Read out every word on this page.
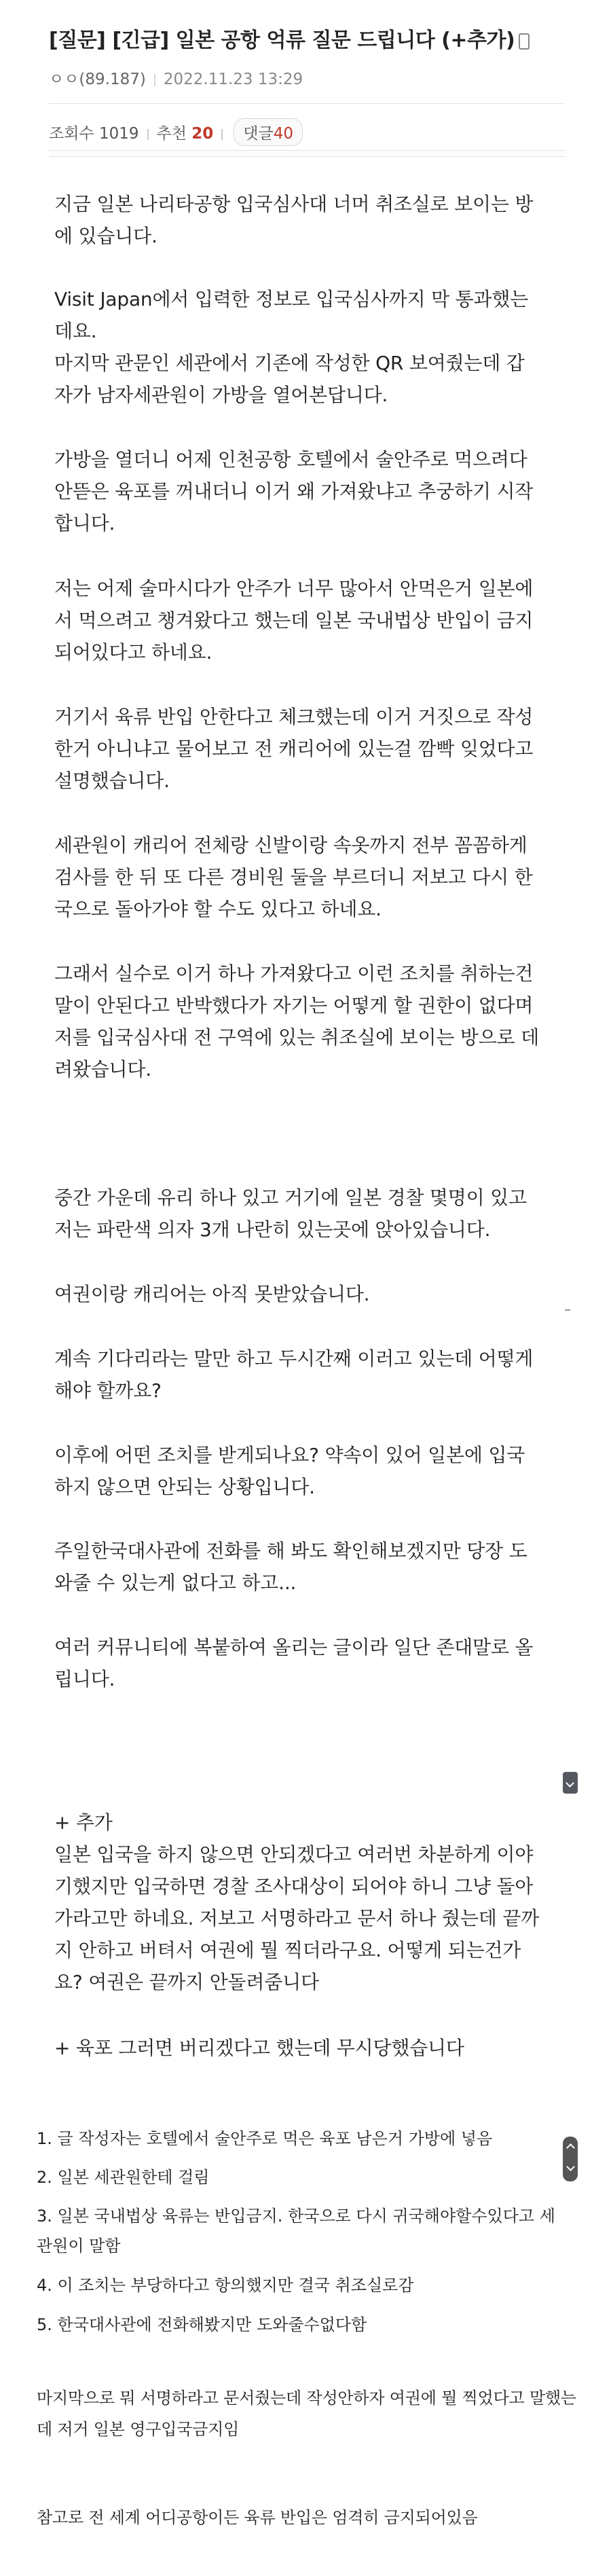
[질문] [긴급] 일본 공항 억류 질문 드립니다 (+추가)
ㅇㅇ(89.187) 2022.11.23 13:29
조회수 1019 추천 20 댓글40
지금 일본 나리타공항 입국심사대 너머 취조실로 보이는 방
에 있습니다.
Visit Japan에서 입력한 정보로 입국심사까지 막 통과했는
데요.
마지막 관문인 세관에서 기존에 작성한 QR 보여줬는데 갑
자가 남자세관원이 가방을 열어본답니다.
가방을 열더니 어제 인천공항 호텔에서 술안주로 먹으려다
안뜯은 육포를 꺼내더니 이거 왜 가져왔냐고 추궁하기 시작
합니다.
저는 어제 술마시다가 안주가 너무 많아서 안먹은거 일본에
서 먹으려고 챙겨왔다고 했는데 일본 국내법상 반입이 금지
되어있다고 하네요.
거기서 육류 반입 안한다고 체크했는데 이거 거짓으로 작성
한거 아니냐고 물어보고 전 캐리어에 있는걸 깜빡 잊었다고
설명했습니다.
세관원이 캐리어 전체랑 신발이랑 속옷까지 전부 꼼꼼하게
검사를 한 뒤 또 다른 경비원 둘을 부르더니 저보고 다시 한
국으로 돌아가야 할 수도 있다고 하네요.
그래서 실수로 이거 하나 가져왔다고 이런 조치를 취하는건
말이 안된다고 반박했다가 자기는 어떻게 할 권한이 없다며
저를 입국심사대 전 구역에 있는 취조실에 보이는 방으로 데
려왔습니다.
중간 가운데 유리 하나 있고 거기에 일본 경찰 몇명이 있고
저는 파란색 의자 3개 나란히 있는곳에 앉아있습니다.
여권이랑 캐리어는 아직 못받았습니다.
계속 기다리라는 말만 하고 두시간째 이러고 있는데 어떻게
해야 할까요?
이후에 어떤 조치를 받게되나요? 약속이 있어 일본에 입국
하지 않으면 안되는 상황입니다.
주일한국대사관에 전화를 해 봐도 확인해보겠지만 당장 도
와줄 수 있는게 없다고 하고...
여러 커뮤니티에 복붙하여 올리는 글이라 일단 존대말로 올
립니다.
+ 추가
일본 입국을 하지 않으면 안되겠다고 여러번 차분하게 이야
기했지만 입국하면 경찰 조사대상이 되어야 하니 그냥 돌아
가라고만 하네요. 저보고 서명하라고 문서 하나 줬는데 끝까
지 안하고 버텨서 여권에 뭘 찍더라구요. 어떻게 되는건가
요? 여권은 끝까지 안돌려줌니다
+ 육포 그러면 버리겠다고 했는데 무시당했습니다
1. 글 작성자는 호텔에서 술안주로 먹은 육포 남은거 가방에 넣음
2. 일본 세관원한테 걸림
3. 일본 국내법상 육류는 반입금지. 한국으로 다시 귀국해야할수있다고 세
관원이 말함
4. 이 조치는 부당하다고 항의했지만 결국 취조실로감
5. 한국대사관에 전화해봤지만 도와줄수없다함
마지막으로 뭐 서명하라고 문서줬는데 작성안하자 여권에 뭘 찍었다고 말했는
데 저거 일본 영구입국금지임
참고로 전 세계 어디공항이든 육류 반입은 엄격히 금지되어있음
